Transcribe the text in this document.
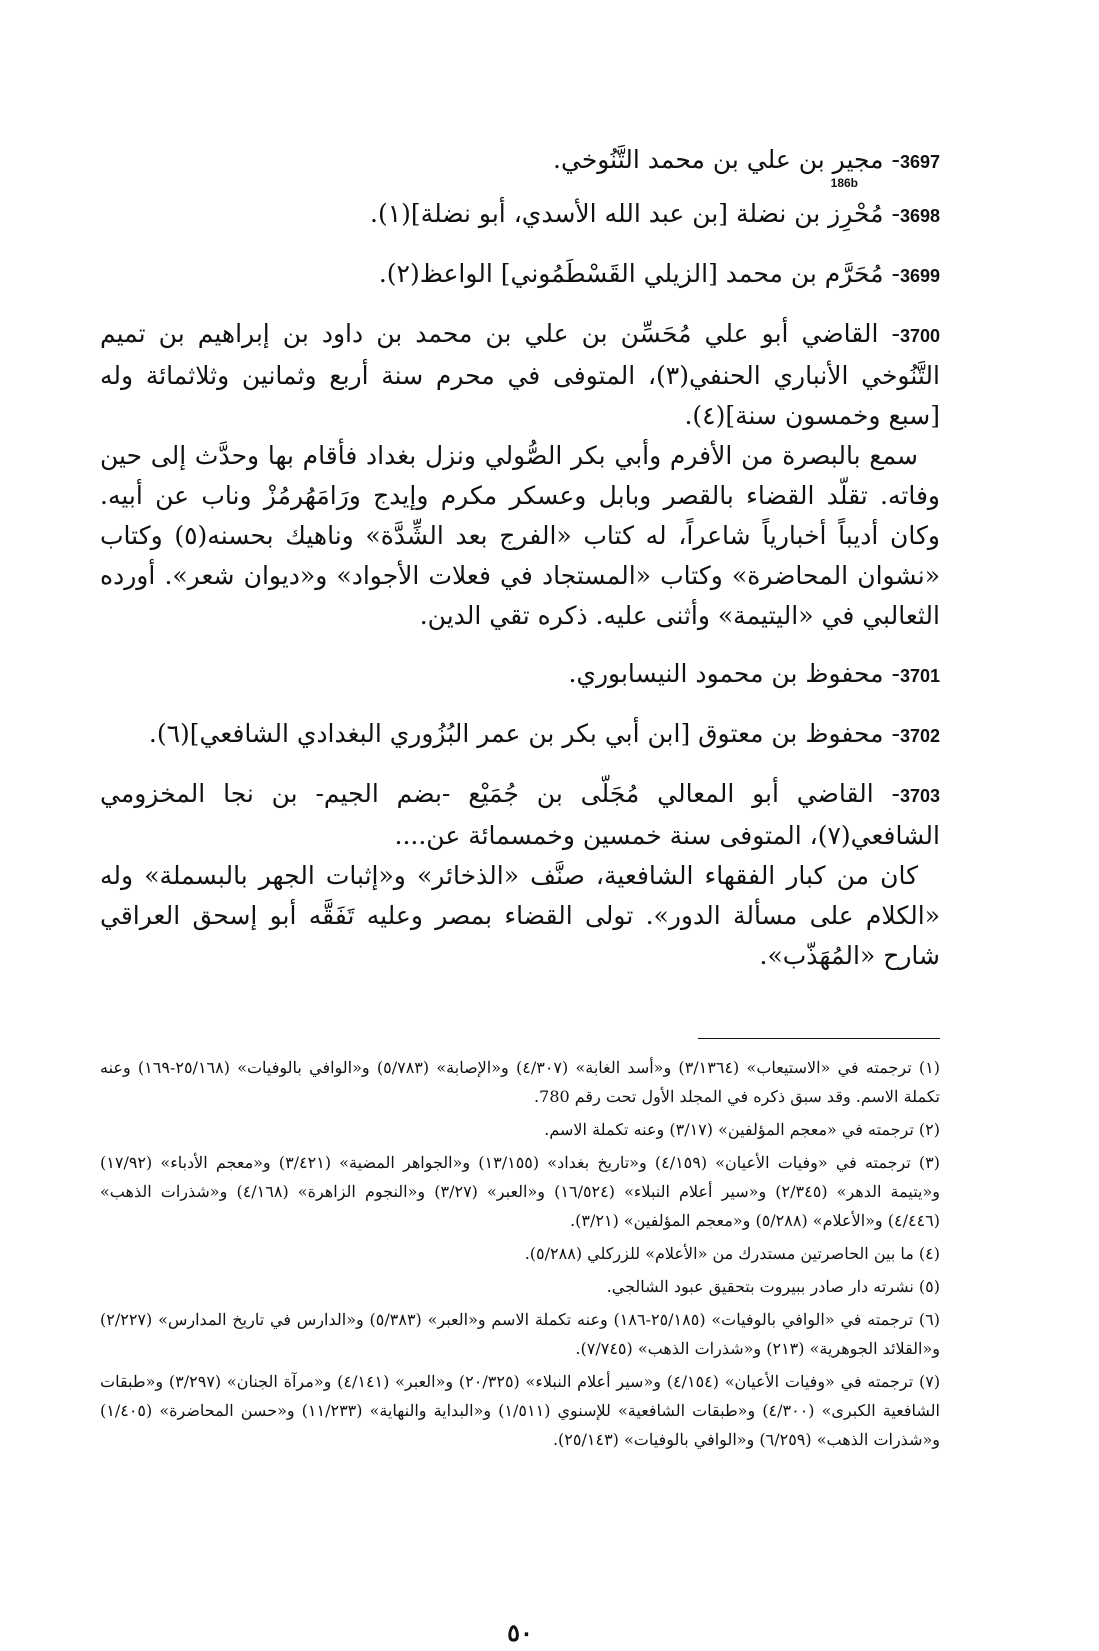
3697- مجير بن علي بن محمد التَّنُوخي.

186b

3698- مُحْرِز بن نضلة [بن عبد الله الأسدي، أبو نضلة](١).

3699- مُحَرَّم بن محمد [الزيلي القَسْطَمُوني] الواعظ(٢).

3700- القاضي أبو علي مُحَسِّن بن علي بن محمد بن داود بن إبراهيم بن تميم التَّنُوخي الأنباري الحنفي(٣)، المتوفى في محرم سنة أربع وثمانين وثلاثمائة وله [سبع وخمسون سنة](٤).

سمع بالبصرة من الأفرم وأبي بكر الصُّولي ونزل بغداد فأقام بها وحدَّث إلى حين وفاته. تقلّد القضاء بالقصر وبابل وعسكر مكرم وإيدج ورَامَهُرمُزْ وناب عن أبيه. وكان أديباً أخبارياً شاعراً، له كتاب «الفرج بعد الشِّدَّة» وناهيك بحسنه(٥) وكتاب «نشوان المحاضرة» وكتاب «المستجاد في فعلات الأجواد» و«ديوان شعر». أورده الثعالبي في «اليتيمة» وأثنى عليه. ذكره تقي الدين.

3701- محفوظ بن محمود النيسابوري.

3702- محفوظ بن معتوق [ابن أبي بكر بن عمر البُزُوري البغدادي الشافعي](٦).

3703- القاضي أبو المعالي مُجَلّى بن جُمَيْع -بضم الجيم- بن نجا المخزومي الشافعي(٧)، المتوفى سنة خمسين وخمسمائة عن....

كان من كبار الفقهاء الشافعية، صنَّف «الذخائر» و«إثبات الجهر بالبسملة» وله «الكلام على مسألة الدور». تولى القضاء بمصر وعليه تَفَقَّه أبو إسحق العراقي شارح «المُهَذّب».

(١) ترجمته في «الاستيعاب» (٣/١٣٦٤) و«أسد الغابة» (٤/٣٠٧) و«الإصابة» (٥/٧٨٣) و«الوافي بالوفيات» (٢٥/١٦٨-١٦٩) وعنه تكملة الاسم. وقد سبق ذكره في المجلد الأول تحت رقم 780.

(٢) ترجمته في «معجم المؤلفين» (٣/١٧) وعنه تكملة الاسم.

(٣) ترجمته في «وفيات الأعيان» (٤/١٥٩) و«تاريخ بغداد» (١٣/١٥٥) و«الجواهر المضية» (٣/٤٢١) و«معجم الأدباء» (١٧/٩٢) و«يتيمة الدهر» (٢/٣٤٥) و«سير أعلام النبلاء» (١٦/٥٢٤) و«العبر» (٣/٢٧) و«النجوم الزاهرة» (٤/١٦٨) و«شذرات الذهب» (٤/٤٤٦) و«الأعلام» (٥/٢٨٨) و«معجم المؤلفين» (٣/٢١).

(٤) ما بين الحاصرتين مستدرك من «الأعلام» للزركلي (٥/٢٨٨).

(٥) نشرته دار صادر ببيروت بتحقيق عبود الشالجي.

(٦) ترجمته في «الوافي بالوفيات» (٢٥/١٨٥-١٨٦) وعنه تكملة الاسم و«العبر» (٥/٣٨٣) و«الدارس في تاريخ المدارس» (٢/٢٢٧) و«القلائد الجوهرية» (٢١٣) و«شذرات الذهب» (٧/٧٤٥).

(٧) ترجمته في «وفيات الأعيان» (٤/١٥٤) و«سير أعلام النبلاء» (٢٠/٣٢٥) و«العبر» (٤/١٤١) و«مرآة الجنان» (٣/٢٩٧) و«طبقات الشافعية الكبرى» (٤/٣٠٠) و«طبقات الشافعية» للإسنوي (١/٥١١) و«البداية والنهاية» (١١/٢٣٣) و«حسن المحاضرة» (١/٤٠٥) و«شذرات الذهب» (٦/٢٥٩) و«الوافي بالوفيات» (٢٥/١٤٣).

٥٠
